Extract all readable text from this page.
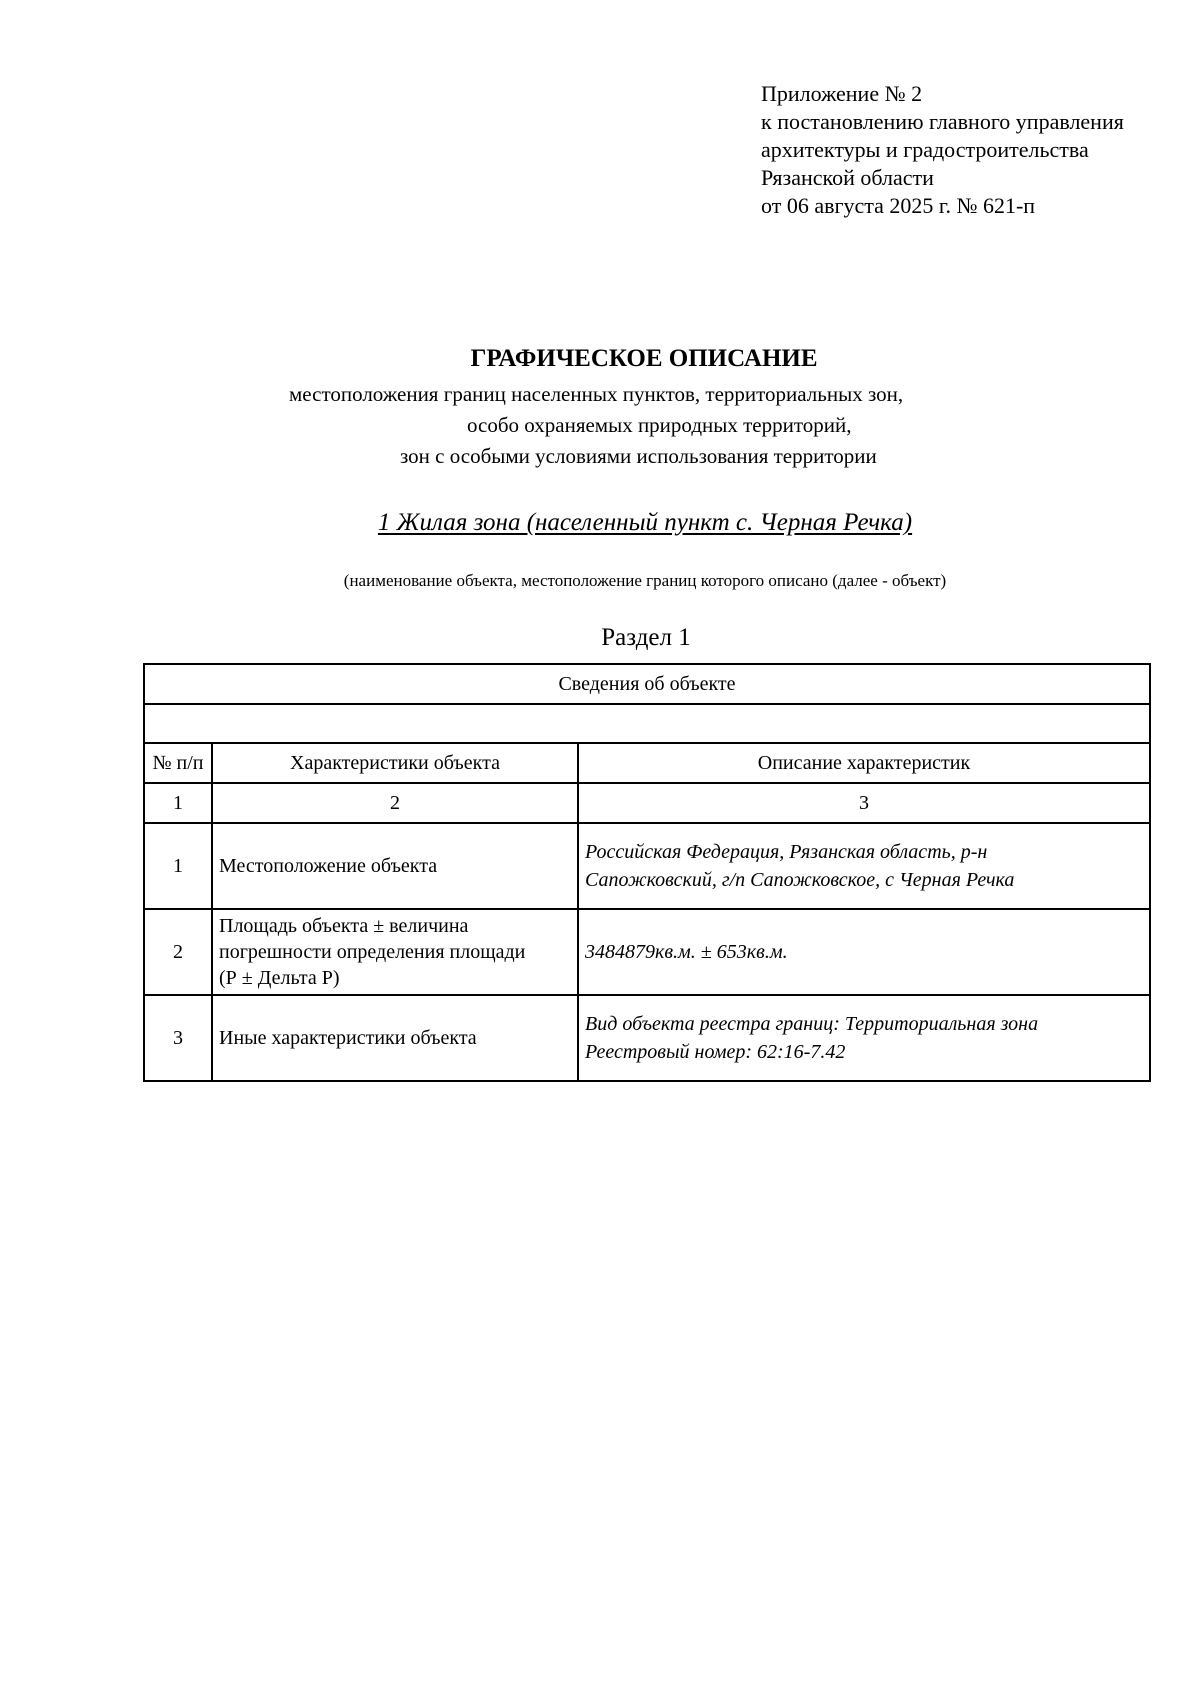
Приложение № 2
к постановлению главного управления
архитектуры и градостроительства
Рязанской области
от 06 августа 2025 г. № 621-п
ГРАФИЧЕСКОЕ ОПИСАНИЕ
местоположения границ населенных пунктов, территориальных зон,
особо охраняемых природных территорий,
зон с особыми условиями использования территории
1 Жилая зона (населенный пункт с. Черная Речка)
(наименование объекта, местоположение границ которого описано (далее - объект)
Раздел 1
Сведения об объекте		

№ п/п	Характеристики объекта	Описание характеристик
1	2	3
1	Местоположение объекта	Российская Федерация, Рязанская область, р-н
Сапожковский, г/п Сапожковское, с Черная Речка

2	Площадь объекта ± величина
погрешности определения площади
(Р ± Дельта Р)	3484879кв.м. ± 653кв.м.

3	Иные характеристики объекта	Вид объекта реестра границ: Территориальная зона
Реестровый номер: 62:16-7.42
